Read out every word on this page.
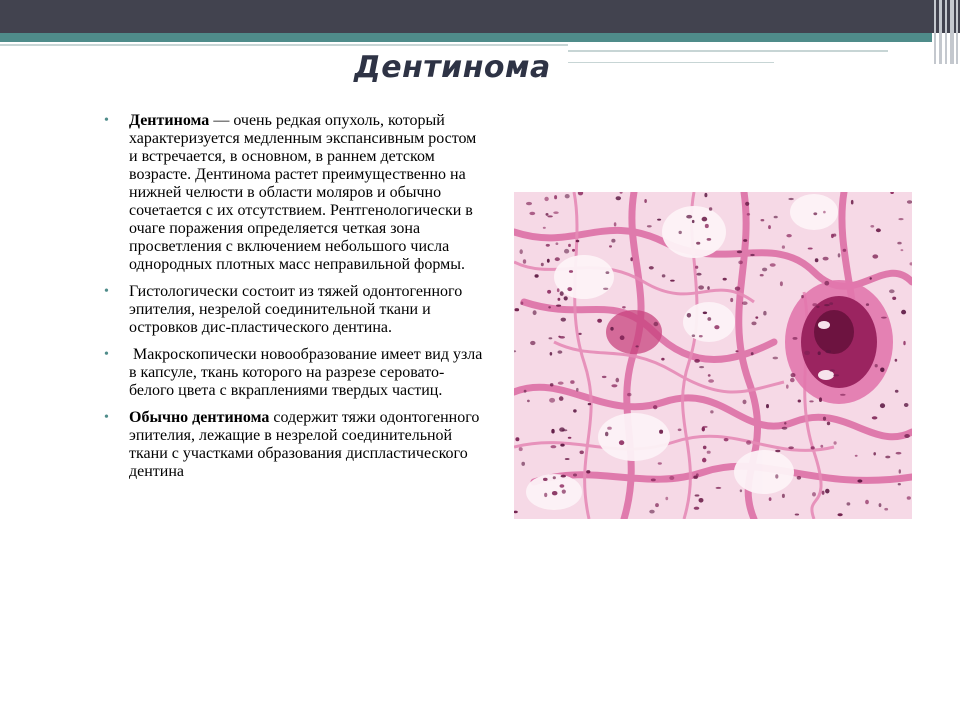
Дентинома
• Дентинома — очень редкая опухоль, который характеризуется медленным экспансивным ростом и встречается, в основном, в раннем детском возрасте. Дентинома растет преимущественно на нижней челюсти в области моляров и обычно сочетается с их отсутствием. Рентгенологически в очаге поражения определяется четкая зона просветления с включением небольшого числа однородных плотных масс неправильной формы.
• Гистологически состоит из тяжей одонтогенного эпителия, незрелой соединительной ткани и островков дис-пластического дентина.
• Макроскопически новообразование имеет вид узла в капсуле, ткань которого на разрезе серовато-белого цвета с вкраплениями твердых частиц.
• Обычно дентинома содержит тяжи одонтогенного эпителия, лежащие в незрелой соединительной ткани с участками образования диспластического дентина
